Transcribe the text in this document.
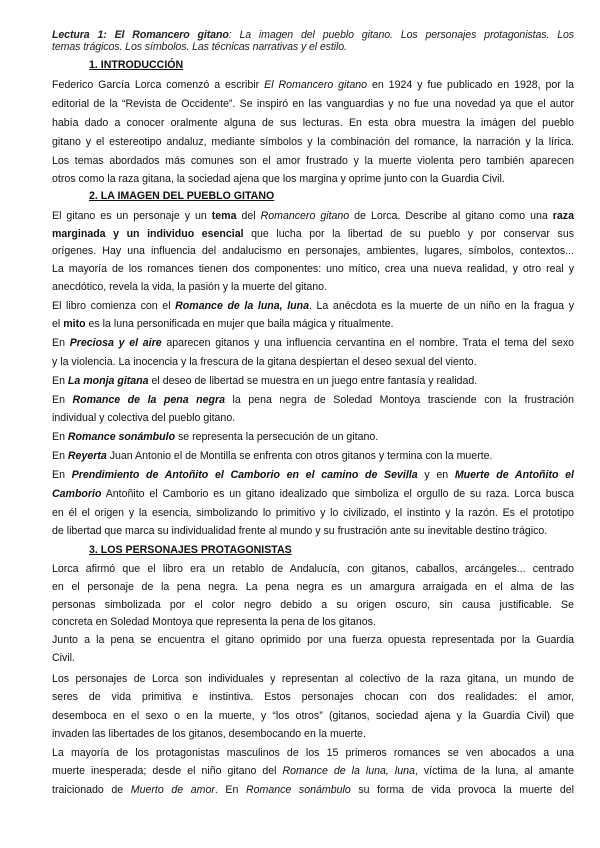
Lectura 1: El Romancero gitano: La imagen del pueblo gitano. Los personajes protagonistas. Los
temas trágicos. Los símbolos. Las técnicas narrativas y el estilo.
1. INTRODUCCIÓN
Federico García Lorca comenzó a escribir El Romancero gitano en 1924 y fue publicado en 1928, por la
editorial de la “Revista de Occidente”. Se inspiró en las vanguardias y no fue una novedad ya que el autor
había dado a conocer oralmente alguna de sus lecturas. En esta obra muestra la imágen del pueblo
gitano y el estereotipo andaluz, mediante símbolos y la combinación del romance, la narración y la lírica.
Los temas abordados más comunes son el amor frustrado y la muerte violenta pero también aparecen
otros como la raza gitana, la sociedad ajena que los margina y oprime junto con la Guardia Civil.
2. LA IMAGEN DEL PUEBLO GITANO
El gitano es un personaje y un tema del Romancero gitano de Lorca. Describe al gitano como una raza
marginada y un individuo esencial que lucha por la libertad de su pueblo y por conservar sus
orígenes. Hay una influencia del andalucismo en personajes, ambientes, lugares, símbolos, contextos...
La mayoría de los romances tienen dos componentes: uno mítico, crea una nueva realidad, y otro real y
anecdótico, revela la vida, la pasión y la muerte del gitano.
El libro comienza con el Romance de la luna, luna. La anécdota es la muerte de un niño en la fragua y
el mito es la luna personificada en mujer que baila mágica y ritualmente.
En Preciosa y el aire aparecen gitanos y una influencia cervantina en el nombre. Trata el tema del sexo
y la violencia. La inocencia y la frescura de la gitana despiertan el deseo sexual del viento.
En La monja gitana el deseo de libertad se muestra en un juego entre fantasía y realidad.
En Romance de la pena negra la pena negra de Soledad Montoya trasciende con la frustración
individual y colectiva del pueblo gitano.
En Romance sonámbulo se representa la persecución de un gitano.
En Reyerta Juan Antonio el de Montilla se enfrenta con otros gitanos y termina con la muerte.
En Prendimiento de Antoñito el Camborio en el camino de Sevilla y en Muerte de Antoñito el
Camborio Antoñito el Camborio es un gitano idealizado que simboliza el orgullo de su raza. Lorca busca
en él el origen y la esencia, simbolizando lo primitivo y lo civilizado, el instinto y la razón. Es el prototipo
de libertad que marca su individualidad frente al mundo y su frustración ante su inevitable destino trágico.
3. LOS PERSONAJES PROTAGONISTAS
Lorca afirmó que el libro era un retablo de Andalucía, con gitanos, caballos, arcángeles... centrado
en el personaje de la pena negra. La pena negra es un amargura arraigada en el alma de las
personas simbolizada por el color negro debido a su origen oscuro, sin causa justificable. Se
concreta en Soledad Montoya que representa la pena de los gitanos.
Junto a la pena se encuentra el gitano oprimido por una fuerza opuesta representada por la Guardia
Civil.
Los personajes de Lorca son individuales y representan al colectivo de la raza gitana, un mundo de
seres de vida primitiva e instintiva. Estos personajes chocan con dos realidades: el amor,
desemboca en el sexo o en la muerte, y “los otros” (gitanos, sociedad ajena y la Guardia Civil) que
invaden las libertades de los gitanos, desembocando en la muerte.
La mayoría de los protagonistas masculinos de los 15 primeros romances se ven abocados a una
muerte inesperada; desde el niño gitano del Romance de la luna, luna, víctima de la luna, al amante
traicionado de Muerto de amor. En Romance sonámbulo su forma de vida provoca la muerte del
